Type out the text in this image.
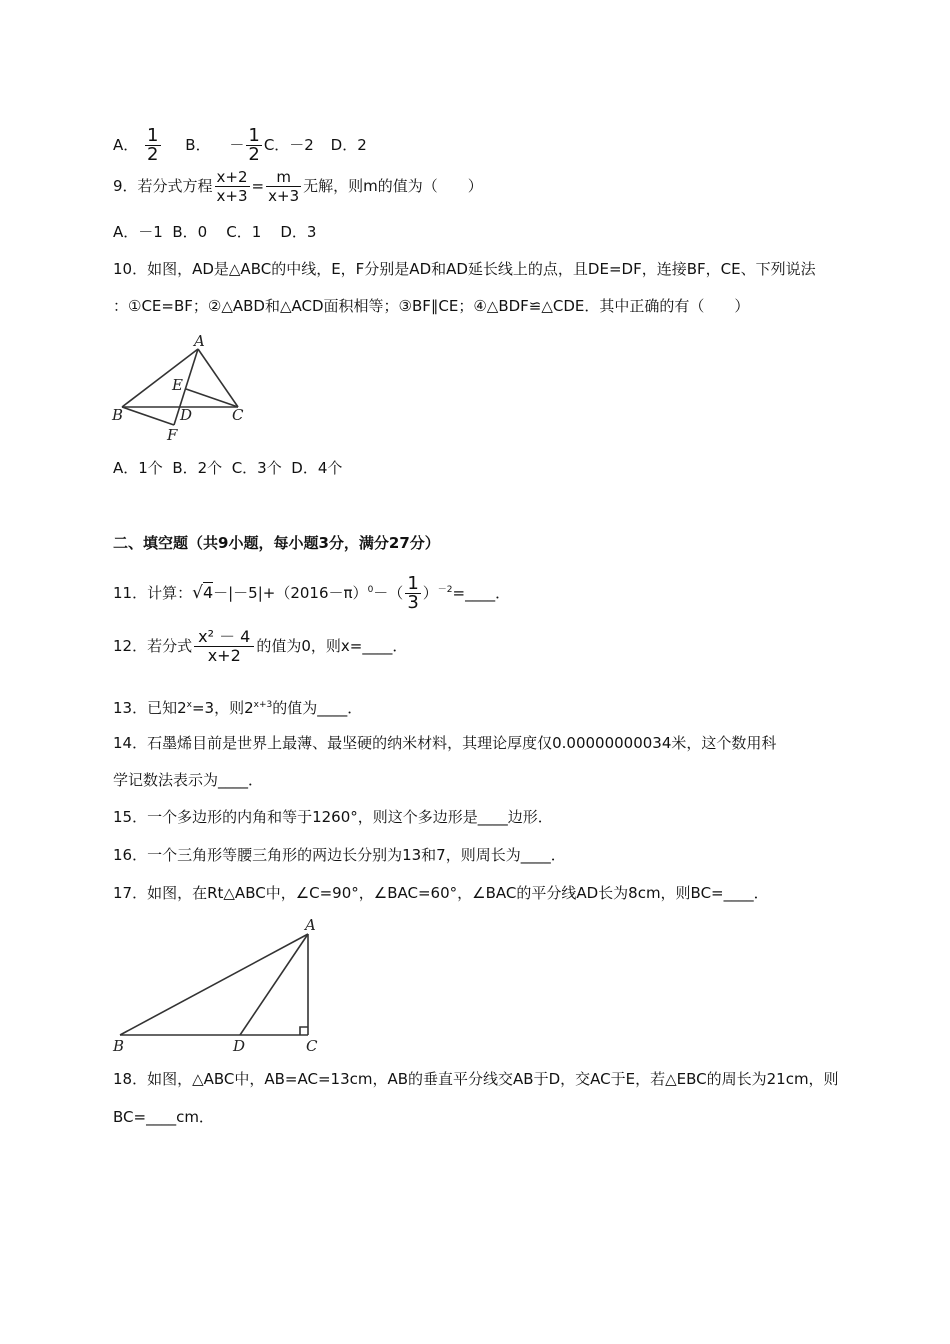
A． $\frac{1}{2}$ B． － $\frac{1}{2}$ C．－2 D．2
9．若分式方程 $\frac{x+2}{x+3} = \frac{m}{x+3}$ 无解，则m的值为（　　）
A．－1  B．0    C．1    D．3
10．如图，AD是△ABC的中线，E，F分别是AD和AD延长线上的点，且DE=DF，连接BF，CE、下列说法
：①CE=BF；②△ABD和△ACD面积相等；③BF∥CE；④△BDF≌△CDE．其中正确的有（　　）
A
E
B	D	C
F
A．1个  B．2个  C．3个  D．4个
二、填空题（共9小题，每小题3分，满分27分）
11．计算：$√4-|-5|+(2016-\pi)^0-( \frac{1}{3}$ ）$^{-2}=\_\_\_\_$．
12．若分式 $\frac{\text{x² － 4}}{x+2}$ 的值为0，则x=____．
13．已知$2^x=3$，则$2^{x+3}$的值为____．
14．石墨烯目前是世界上最薄、最坚硬的纳米材料，其理论厚度仅0.00000000034米，这个数用科
学记数法表示为____．
15．一个多边形的内角和等于1260°，则这个多边形是____边形．
16．一个三角形等腰三角形的两边长分别为13和7，则周长为____．
17．如图，在Rt△ABC中，∠C=90°，∠BAC=60°，∠BAC的平分线AD长为8cm，则BC=____．
A
B	D	C
18．如图，△ABC中，AB=AC=13cm，AB的垂直平分线交AB于D，交AC于E，若△EBC的周长为21cm，则
BC=____cm．
